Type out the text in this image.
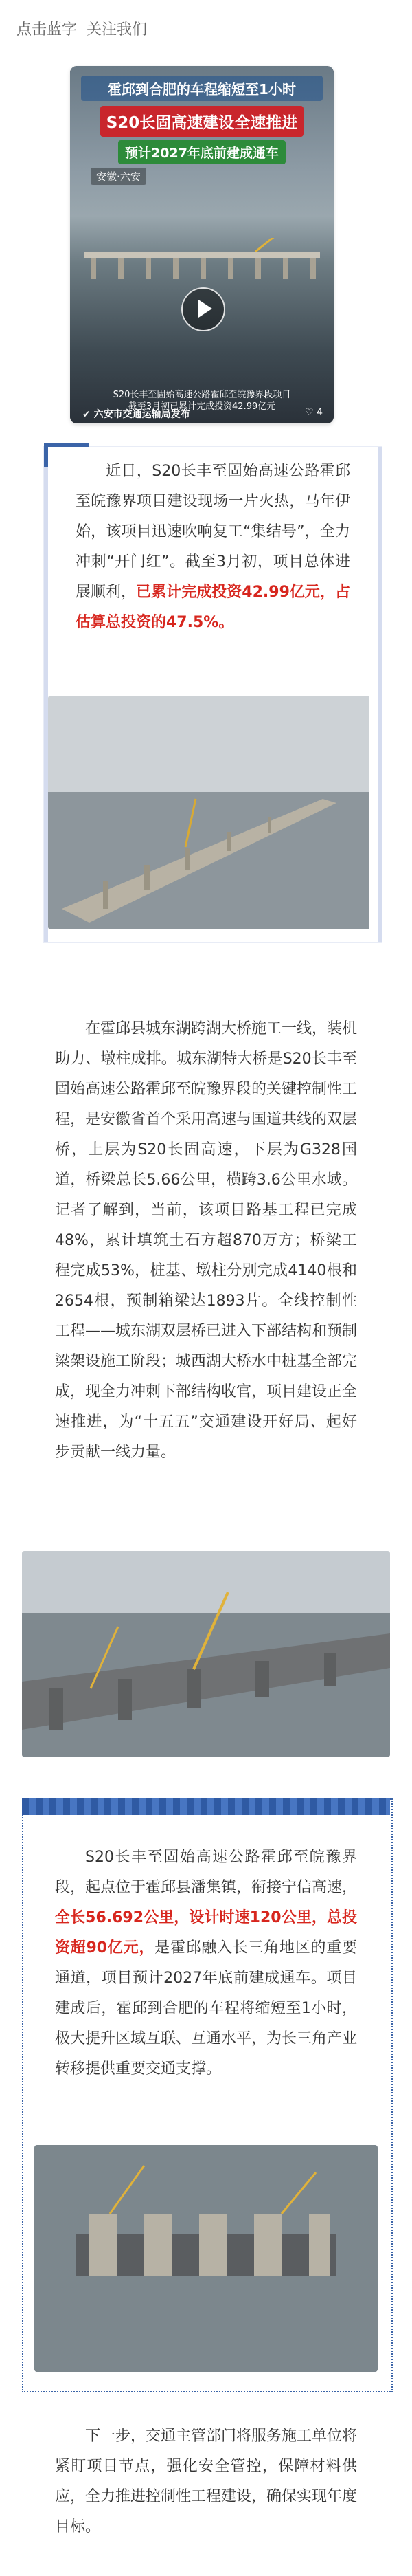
点击蓝字 关注我们
霍邱到合肥的车程缩短至1小时
S20长固高速建设全速推进
预计2027年底前建成通车
安徽·六安
S20长丰至固始高速公路霍邱至皖豫界段项目
截至3月初已累计完成投资42.99亿元
✔ 六安市交通运输局发布	♡ 4
近日，S20长丰至固始高速公路霍邱至皖豫界项目建设现场一片火热，马年伊始，该项目迅速吹响复工“集结号”，全力冲刺“开门红”。截至3月初，项目总体进展顺利，已累计完成投资42.99亿元，占估算总投资的47.5%。
在霍邱县城东湖跨湖大桥施工一线，装机助力、墩柱成排。城东湖特大桥是S20长丰至固始高速公路霍邱至皖豫界段的关键控制性工程，是安徽省首个采用高速与国道共线的双层桥，上层为S20长固高速，下层为G328国道，桥梁总长5.66公里，横跨3.6公里水域。记者了解到，当前，该项目路基工程已完成48%，累计填筑土石方超870万方；桥梁工程完成53%，桩基、墩柱分别完成4140根和2654根，预制箱梁达1893片。全线控制性工程——城东湖双层桥已进入下部结构和预制梁架设施工阶段；城西湖大桥水中桩基全部完成，现全力冲刺下部结构收官，项目建设正全速推进，为“十五五”交通建设开好局、起好步贡献一线力量。
S20长丰至固始高速公路霍邱至皖豫界段，起点位于霍邱县潘集镇，衔接宁信高速，全长56.692公里，设计时速120公里，总投资超90亿元，是霍邱融入长三角地区的重要通道，项目预计2027年底前建成通车。项目建成后，霍邱到合肥的车程将缩短至1小时，极大提升区域互联、互通水平，为长三角产业转移提供重要交通支撑。
下一步，交通主管部门将服务施工单位将紧盯项目节点，强化安全管控，保障材料供应，全力推进控制性工程建设，确保实现年度目标。
